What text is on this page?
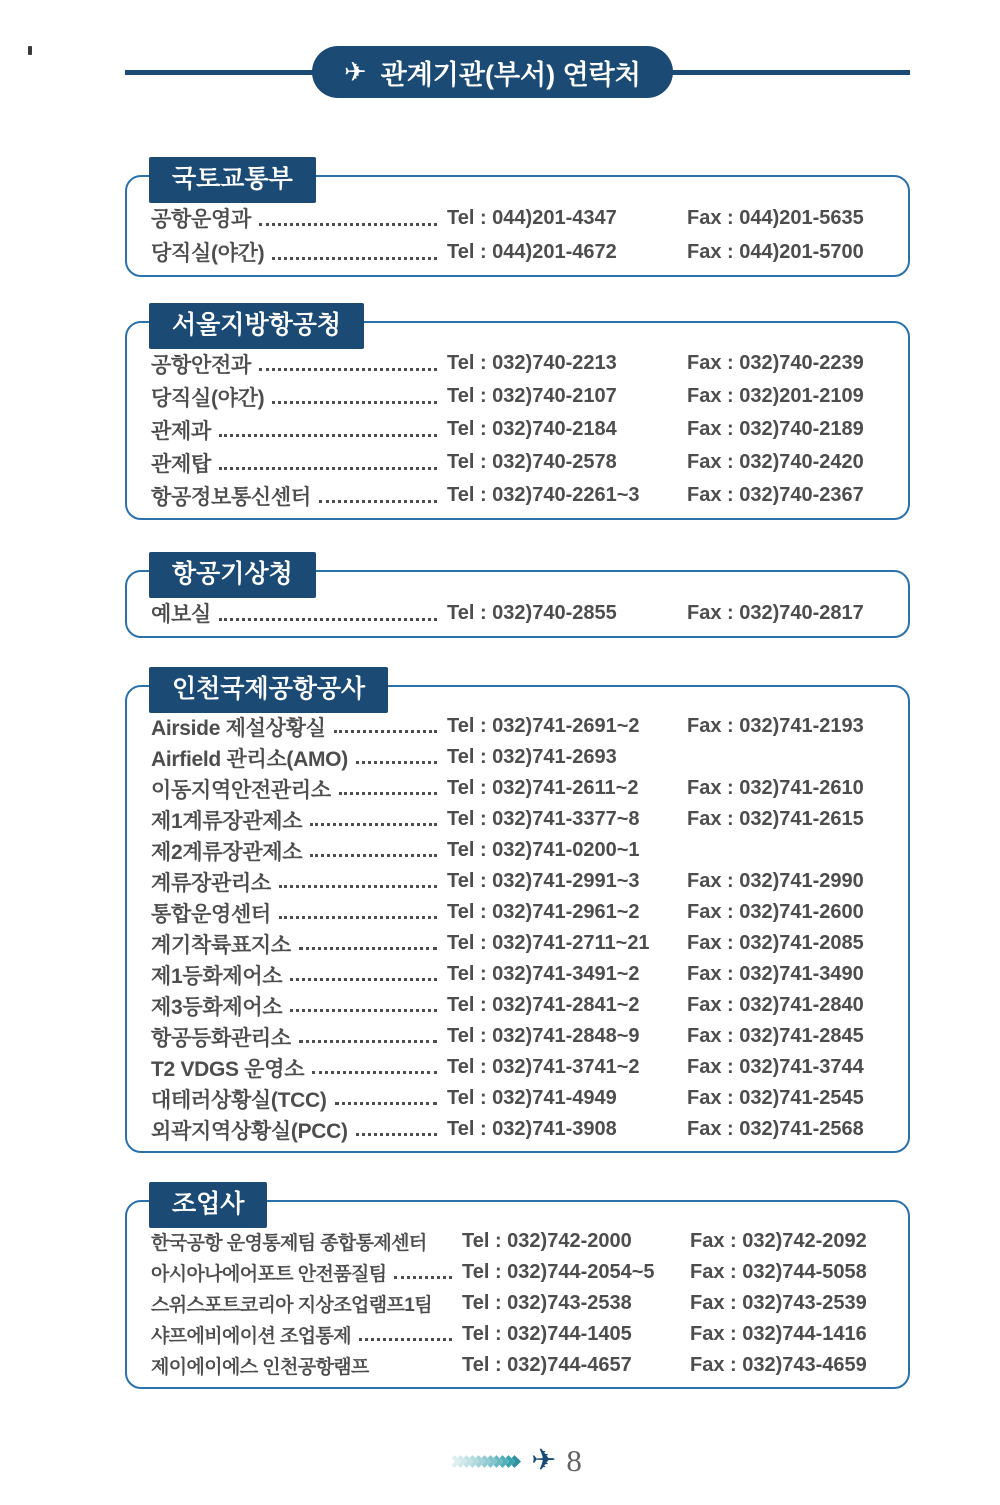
✈ 관계기관(부서) 연락처
국토교통부
공항운영과	Tel : 044)201-4347	Fax : 044)201-5635
당직실(야간)	Tel : 044)201-4672	Fax : 044)201-5700
서울지방항공청
공항안전과	Tel : 032)740-2213	Fax : 032)740-2239
당직실(야간)	Tel : 032)740-2107	Fax : 032)201-2109
관제과	Tel : 032)740-2184	Fax : 032)740-2189
관제탑	Tel : 032)740-2578	Fax : 032)740-2420
항공정보통신센터	Tel : 032)740-2261~3	Fax : 032)740-2367
항공기상청
예보실	Tel : 032)740-2855	Fax : 032)740-2817
인천국제공항공사
Airside 제설상황실	Tel : 032)741-2691~2	Fax : 032)741-2193
Airfield 관리소(AMO)	Tel : 032)741-2693
이동지역안전관리소	Tel : 032)741-2611~2	Fax : 032)741-2610
제1계류장관제소	Tel : 032)741-3377~8	Fax : 032)741-2615
제2계류장관제소	Tel : 032)741-0200~1
계류장관리소	Tel : 032)741-2991~3	Fax : 032)741-2990
통합운영센터	Tel : 032)741-2961~2	Fax : 032)741-2600
계기착륙표지소	Tel : 032)741-2711~21	Fax : 032)741-2085
제1등화제어소	Tel : 032)741-3491~2	Fax : 032)741-3490
제3등화제어소	Tel : 032)741-2841~2	Fax : 032)741-2840
항공등화관리소	Tel : 032)741-2848~9	Fax : 032)741-2845
T2 VDGS 운영소	Tel : 032)741-3741~2	Fax : 032)741-3744
대테러상황실(TCC)	Tel : 032)741-4949	Fax : 032)741-2545
외곽지역상황실(PCC)	Tel : 032)741-3908	Fax : 032)741-2568
조업사
한국공항 운영통제팀 종합통제센터 Tel : 032)742-2000	Fax : 032)742-2092
아시아나에어포트 안전품질팀	Tel : 032)744-2054~5	Fax : 032)744-5058
스위스포트코리아 지상조업램프1팀 Tel : 032)743-2538	Fax : 032)743-2539
샤프에비에이션 조업통제	Tel : 032)744-1405	Fax : 032)744-1416
제이에이에스 인천공항램프	Tel : 032)744-4657	Fax : 032)743-4659
✈ 8
